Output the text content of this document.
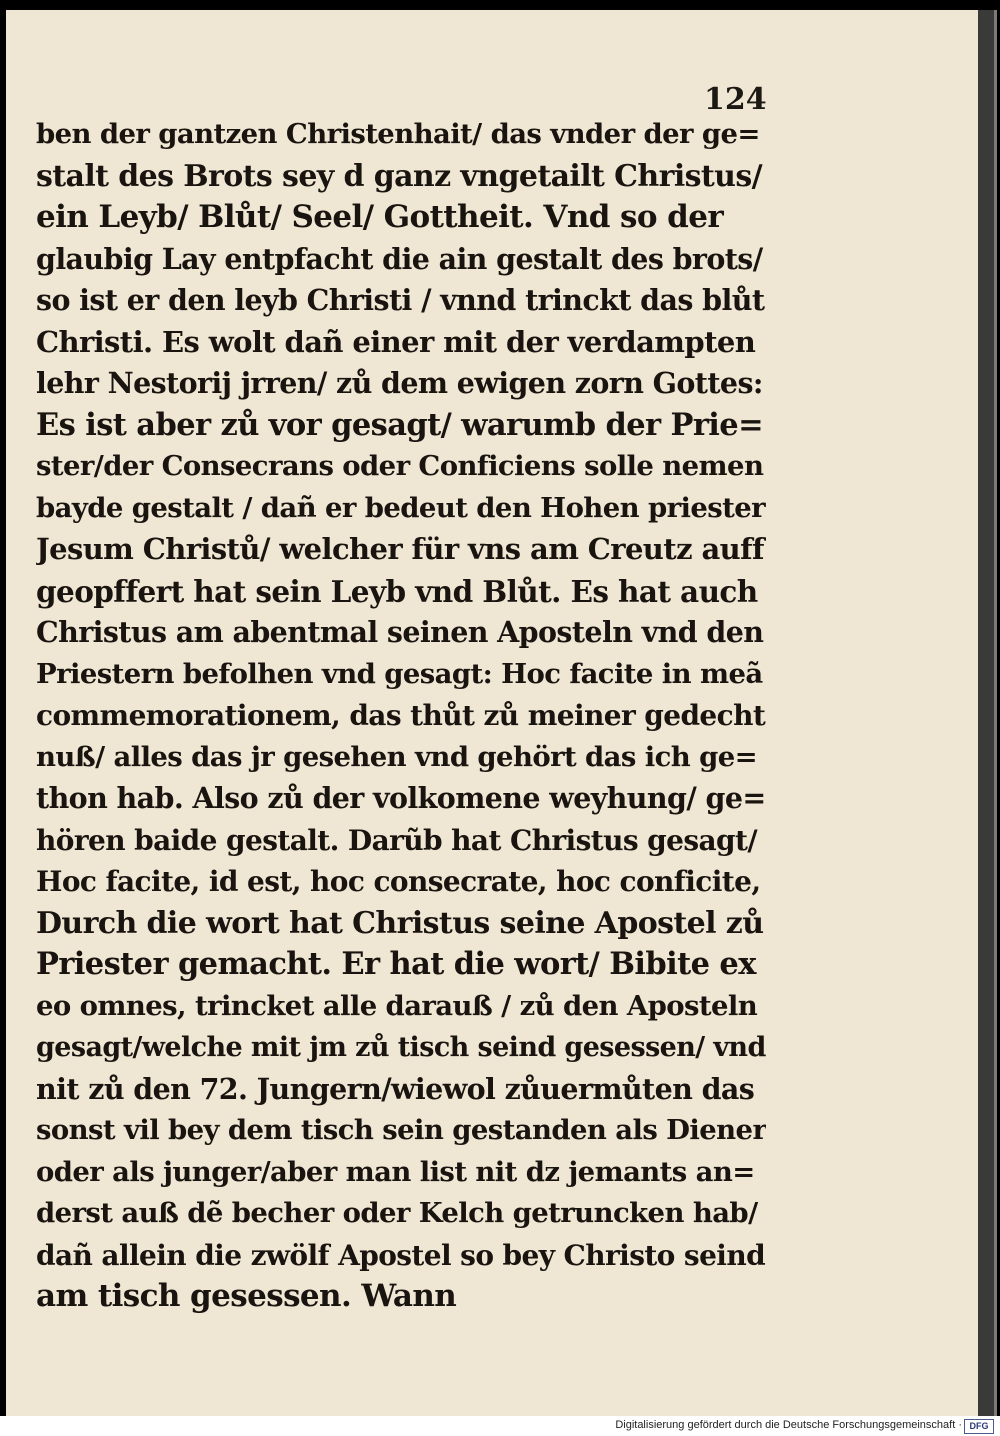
124
ben der gantzen Christenhait/ das vnder der ge=
stalt des Brots sey d ganz vngetailt Christus/
ein Leyb/ Blůt/ Seel/ Gottheit. Vnd so der
glaubig Lay entpfacht die ain gestalt des brots/
so ist er den leyb Christi / vnnd trinckt das blůt
Christi. Es wolt dañ einer mit der verdampten
lehr Nestorij jrren/ zů dem ewigen zorn Gottes:
Es ist aber zů vor gesagt/ warumb der Prie=
ster/der Consecrans oder Conficiens solle nemen
bayde gestalt / dañ er bedeut den Hohen priester
Jesum Christů/ welcher für vns am Creutz auff
geopffert hat sein Leyb vnd Blůt. Es hat auch
Christus am abentmal seinen Aposteln vnd den
Priestern befolhen vnd gesagt: Hoc facite in meã
commemorationem, das thůt zů meiner gedecht
nuß/ alles das jr gesehen vnd gehört das ich ge=
thon hab. Also zů der volkomene weyhung/ ge=
hören baide gestalt. Darũb hat Christus gesagt/
Hoc facite, id est, hoc consecrate, hoc conficite,
Durch die wort hat Christus seine Apostel zů
Priester gemacht. Er hat die wort/ Bibite ex
eo omnes, trincket alle darauß / zů den Aposteln
gesagt/welche mit jm zů tisch seind gesessen/ vnd
nit zů den 72. Jungern/wiewol zůuermůten das
sonst vil bey dem tisch sein gestanden als Diener
oder als junger/aber man list nit dz jemants an=
derst auß dẽ becher oder Kelch getruncken hab/
dañ allein die zwölf Apostel so bey Christo seind
am tisch gesessen. Wann
Digitalisierung gefördert durch die Deutsche Forschungsgemeinschaft · DFG
